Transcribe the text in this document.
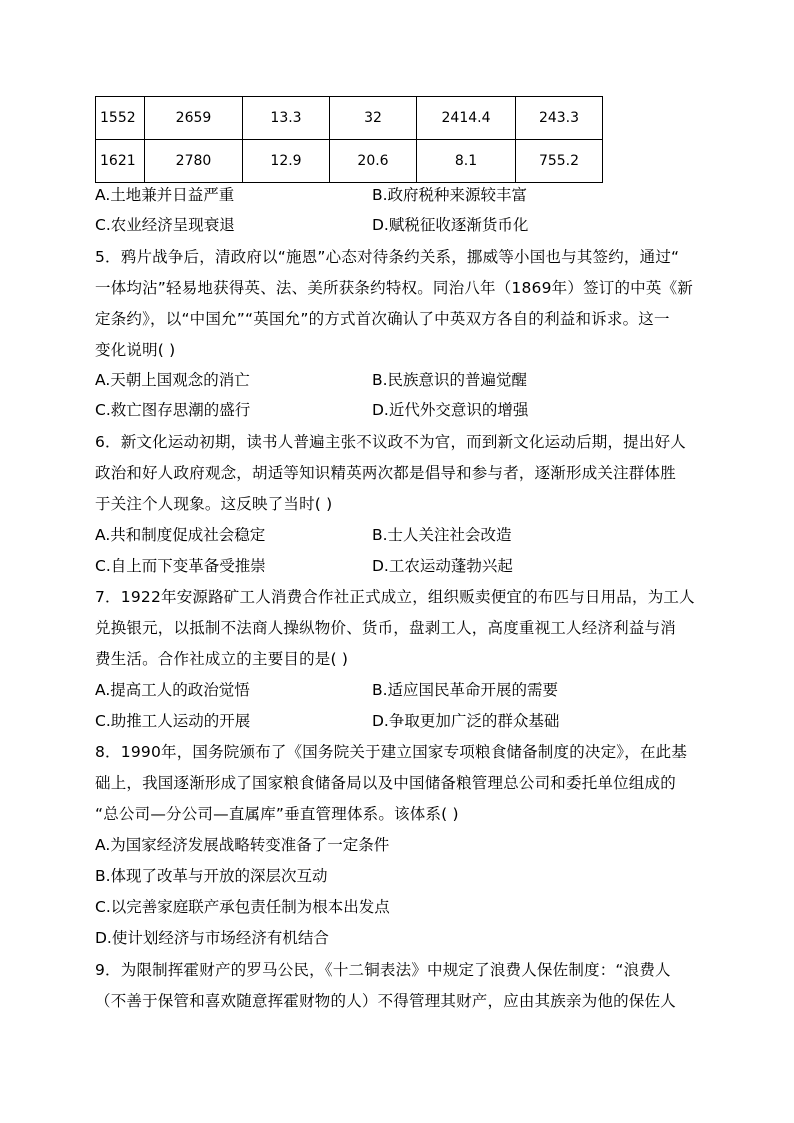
1552	2659	13.3	32	2414.4	243.3
1621	2780	12.9	20.6	8.1	755.2
A.土地兼并日益严重	B.政府税种来源较丰富
C.农业经济呈现衰退	D.赋税征收逐渐货币化
5．鸦片战争后，清政府以“施恩”心态对待条约关系，挪威等小国也与其签约，通过“
一体均沾”轻易地获得英、法、美所获条约特权。同治八年（1869年）签订的中英《新
定条约》，以“中国允”“英国允”的方式首次确认了中英双方各自的利益和诉求。这一
变化说明( )
A.天朝上国观念的消亡	B.民族意识的普遍觉醒
C.救亡图存思潮的盛行	D.近代外交意识的增强
6．新文化运动初期，读书人普遍主张不议政不为官，而到新文化运动后期，提出好人
政治和好人政府观念，胡适等知识精英两次都是倡导和参与者，逐渐形成关注群体胜
于关注个人现象。这反映了当时( )
A.共和制度促成社会稳定	B.士人关注社会改造
C.自上而下变革备受推崇	D.工农运动蓬勃兴起
7．1922年安源路矿工人消费合作社正式成立，组织贩卖便宜的布匹与日用品，为工人
兑换银元，以抵制不法商人操纵物价、货币，盘剥工人，高度重视工人经济利益与消
费生活。合作社成立的主要目的是( )
A.提高工人的政治觉悟	B.适应国民革命开展的需要
C.助推工人运动的开展	D.争取更加广泛的群众基础
8．1990年，国务院颁布了《国务院关于建立国家专项粮食储备制度的决定》，在此基
础上，我国逐渐形成了国家粮食储备局以及中国储备粮管理总公司和委托单位组成的
“总公司—分公司—直属库”垂直管理体系。该体系( )
A.为国家经济发展战略转变准备了一定条件
B.体现了改革与开放的深层次互动
C.以完善家庭联产承包责任制为根本出发点
D.使计划经济与市场经济有机结合
9．为限制挥霍财产的罗马公民，《十二铜表法》中规定了浪费人保佐制度：“浪费人
（不善于保管和喜欢随意挥霍财物的人）不得管理其财产，应由其族亲为他的保佐人
